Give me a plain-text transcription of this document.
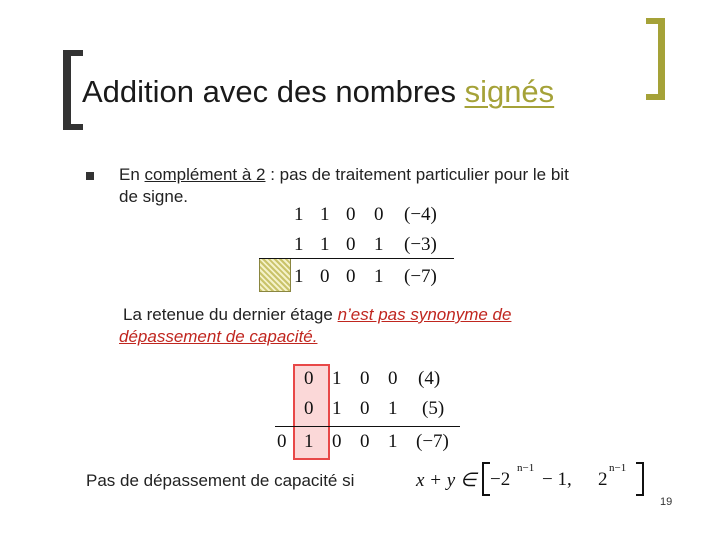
Addition avec des nombres signés
En complément à 2 : pas de traitement particulier pour le bit
de signe.
1 1 0 0 (−4)
1 1 0 1 (−3)
1 0 0 1 (−7)
La retenue du dernier étage n’est pas synonyme de
dépassement de capacité.
0 1 0 0 (4)
0 1 0 1 (5)
0 1 0 0 1 (−7)
Pas de dépassement de capacité si	x + y ∈ −2
n−1
− 1, 2
n−1
19
